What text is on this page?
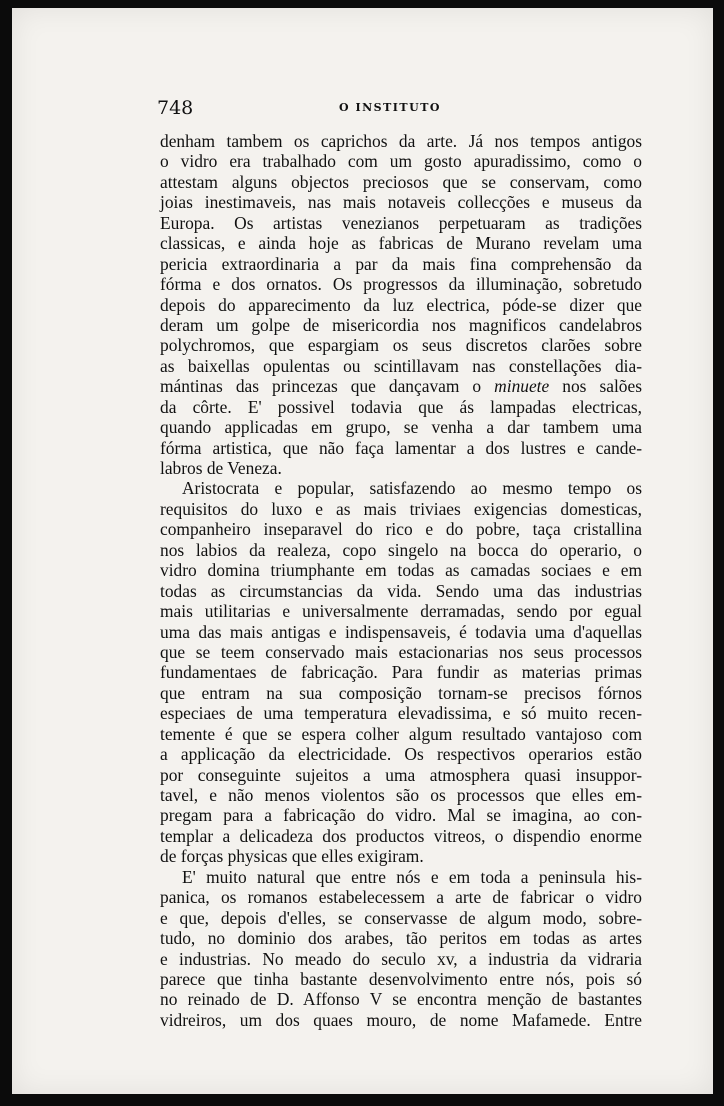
748	O INSTITUTO
denham tambem os caprichos da arte. Já nos tempos antigos
o vidro era trabalhado com um gosto apuradissimo, como o
attestam alguns objectos preciosos que se conservam, como
joias inestimaveis, nas mais notaveis collecções e museus da
Europa. Os artistas venezianos perpetuaram as tradições
classicas, e ainda hoje as fabricas de Murano revelam uma
pericia extraordinaria a par da mais fina comprehensão da
fórma e dos ornatos. Os progressos da illuminação, sobretudo
depois do apparecimento da luz electrica, póde-se dizer que
deram um golpe de misericordia nos magnificos candelabros
polychromos, que espargiam os seus discretos clarões sobre
as baixellas opulentas ou scintillavam nas constellações dia-
mántinas das princezas que dançavam o minuete nos salões
da côrte. E' possivel todavia que ás lampadas electricas,
quando applicadas em grupo, se venha a dar tambem uma
fórma artistica, que não faça lamentar a dos lustres e cande-
labros de Veneza.
Aristocrata e popular, satisfazendo ao mesmo tempo os
requisitos do luxo e as mais triviaes exigencias domesticas,
companheiro inseparavel do rico e do pobre, taça cristallina
nos labios da realeza, copo singelo na bocca do operario, o
vidro domina triumphante em todas as camadas sociaes e em
todas as circumstancias da vida. Sendo uma das industrias
mais utilitarias e universalmente derramadas, sendo por egual
uma das mais antigas e indispensaveis, é todavia uma d'aquellas
que se teem conservado mais estacionarias nos seus processos
fundamentaes de fabricação. Para fundir as materias primas
que entram na sua composição tornam-se precisos fórnos
especiaes de uma temperatura elevadissima, e só muito recen-
temente é que se espera colher algum resultado vantajoso com
a applicação da electricidade. Os respectivos operarios estão
por conseguinte sujeitos a uma atmosphera quasi insuppor-
tavel, e não menos violentos são os processos que elles em-
pregam para a fabricação do vidro. Mal se imagina, ao con-
templar a delicadeza dos productos vitreos, o dispendio enorme
de forças physicas que elles exigiram.
E' muito natural que entre nós e em toda a peninsula his-
panica, os romanos estabelecessem a arte de fabricar o vidro
e que, depois d'elles, se conservasse de algum modo, sobre-
tudo, no dominio dos arabes, tão peritos em todas as artes
e industrias. No meado do seculo xv, a industria da vidraria
parece que tinha bastante desenvolvimento entre nós, pois só
no reinado de D. Affonso V se encontra menção de bastantes
vidreiros, um dos quaes mouro, de nome Mafamede. Entre
